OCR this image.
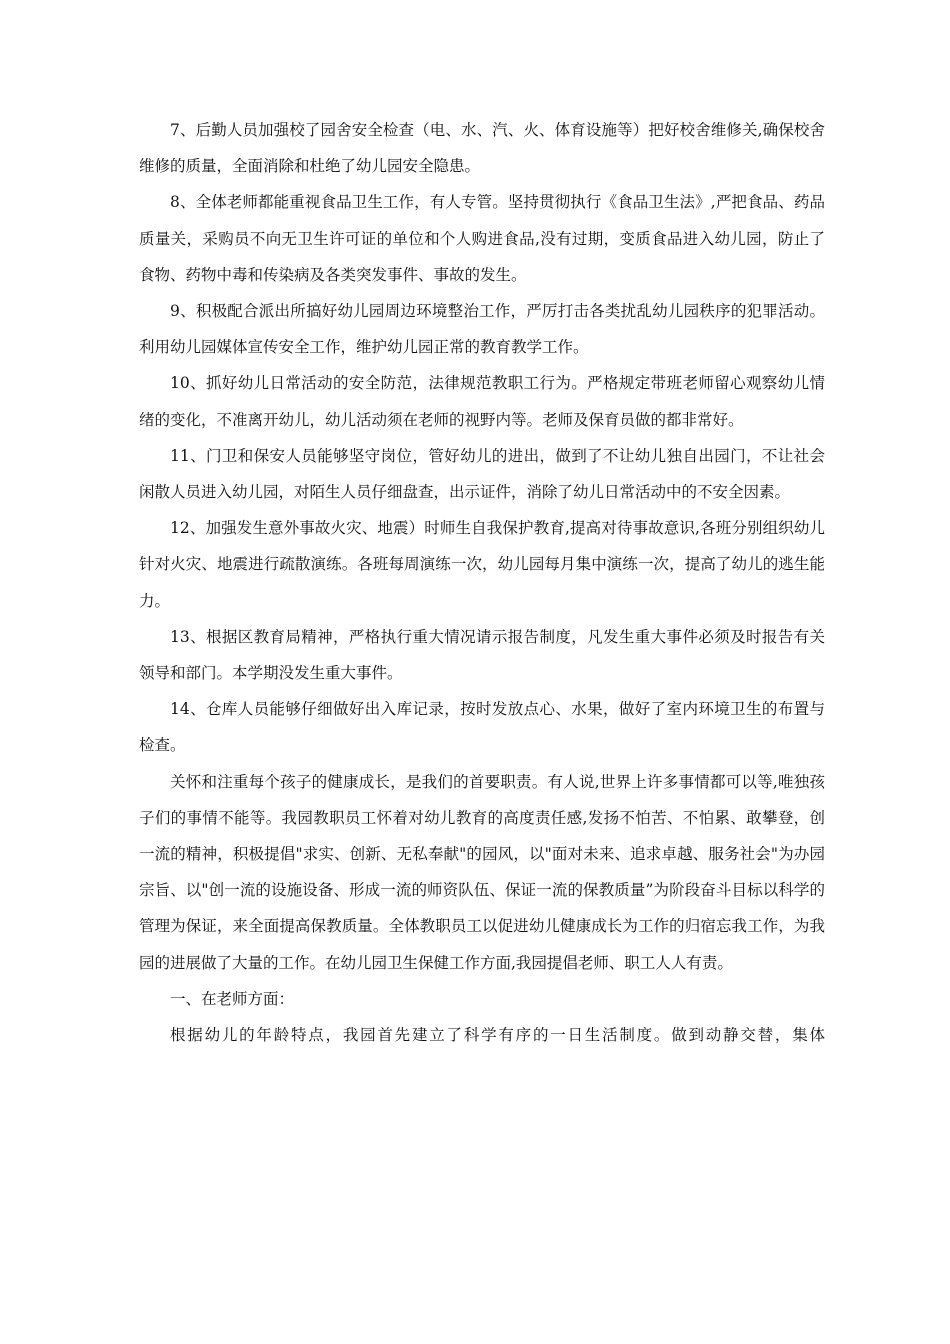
7、后勤人员加强校了园舍安全检查（电、水、汽、火、体育设施等）把好校舍维修关,确保校舍维修的质量，全面消除和杜绝了幼儿园安全隐患。

8、全体老师都能重视食品卫生工作，有人专管。坚持贯彻执行《食品卫生法》,严把食品、药品质量关，采购员不向无卫生许可证的单位和个人购进食品,没有过期，变质食品进入幼儿园，防止了食物、药物中毒和传染病及各类突发事件、事故的发生。

9、积极配合派出所搞好幼儿园周边环境整治工作，严厉打击各类扰乱幼儿园秩序的犯罪活动。利用幼儿园媒体宣传安全工作，维护幼儿园正常的教育教学工作。

10、抓好幼儿日常活动的安全防范，法律规范教职工行为。严格规定带班老师留心观察幼儿情绪的变化，不准离开幼儿，幼儿活动须在老师的视野内等。老师及保育员做的都非常好。

11、门卫和保安人员能够坚守岗位，管好幼儿的进出，做到了不让幼儿独自出园门，不让社会闲散人员进入幼儿园，对陌生人员仔细盘查，出示证件，消除了幼儿日常活动中的不安全因素。

12、加强发生意外事故火灾、地震）时师生自我保护教育,提高对待事故意识,各班分别组织幼儿针对火灾、地震进行疏散演练。各班每周演练一次，幼儿园每月集中演练一次，提高了幼儿的逃生能力。

13、根据区教育局精神，严格执行重大情况请示报告制度，凡发生重大事件必须及时报告有关领导和部门。本学期没发生重大事件。

14、仓库人员能够仔细做好出入库记录，按时发放点心、水果，做好了室内环境卫生的布置与检查。

关怀和注重每个孩子的健康成长，是我们的首要职责。有人说,世界上许多事情都可以等,唯独孩子们的事情不能等。我园教职员工怀着对幼儿教育的高度责任感,发扬不怕苦、不怕累、敢攀登，创一流的精神，积极提倡"求实、创新、无私奉献"的园风，以"面对未来、追求卓越、服务社会"为办园宗旨、以"创一流的设施设备、形成一流的师资队伍、保证一流的保教质量”为阶段奋斗目标以科学的管理为保证，来全面提高保教质量。全体教职员工以促进幼儿健康成长为工作的归宿忘我工作，为我园的进展做了大量的工作。在幼儿园卫生保健工作方面,我园提倡老师、职工人人有责。

一、在老师方面：

根据幼儿的年龄特点，我园首先建立了科学有序的一日生活制度。做到动静交替，集体
